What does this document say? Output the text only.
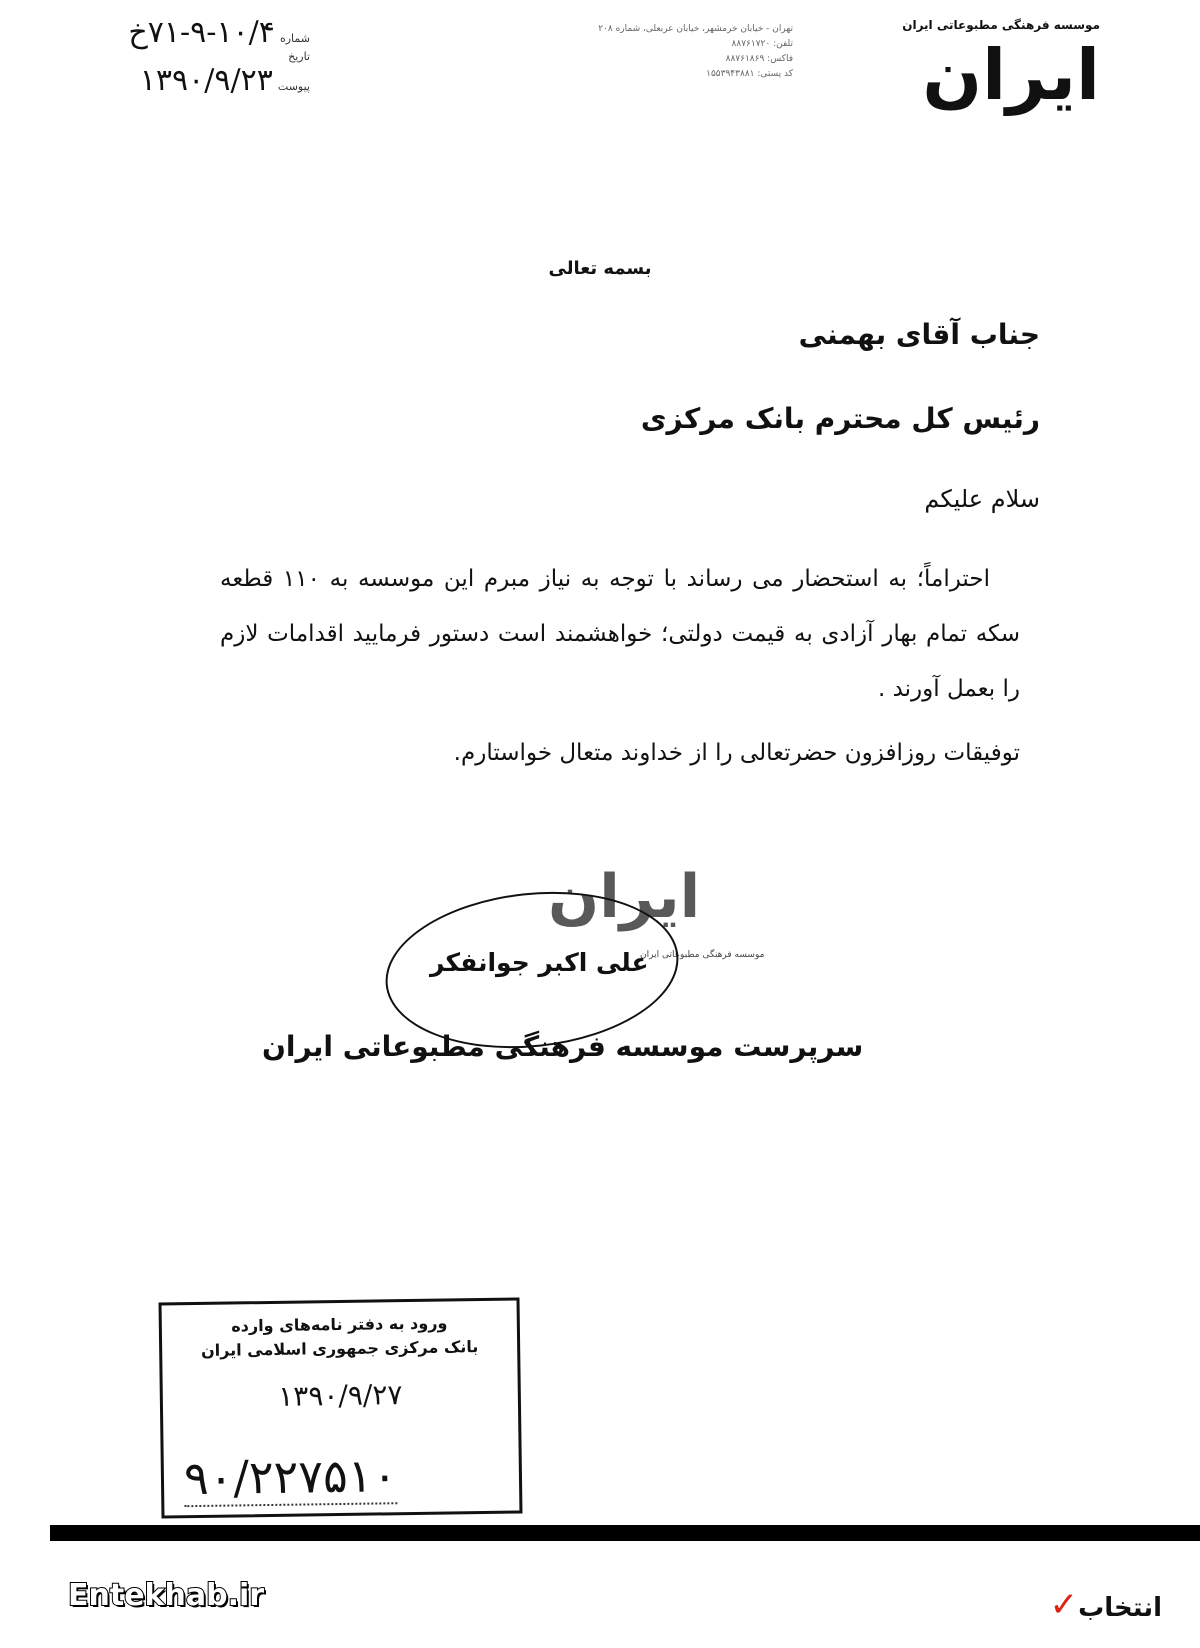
موسسه فرهنگی مطبوعاتی ایران
ایران
تهران - خیابان خرمشهر، خیابان عربعلی، شماره ۲۰۸
تلفن: ۸۸۷۶۱۷۲۰
فاکس: ۸۸۷۶۱۸۶۹
کد پستی: ۱۵۵۳۹۴۳۸۸۱
شماره ۱۰/۴-۹-۷۱خ
تاریخ
پیوست ۱۳۹۰/۹/۲۳
بسمه تعالی
جناب آقای بهمنی
رئیس کل محترم بانک مرکزی
سلام علیکم
احتراماً؛ به استحضار می رساند با توجه به نیاز مبرم این موسسه به ۱۱۰ قطعه سکه تمام بهار آزادی به قیمت دولتی؛ خواهشمند است دستور فرمایید اقدامات لازم را بعمل آورند .
توفیقات روزافزون حضرتعالی را از خداوند متعال خواستارم.
ایران
موسسه فرهنگی مطبوعاتی ایران
علی اکبر جوانفکر
سرپرست موسسه فرهنگی مطبوعاتی ایران
ورود به دفتر نامه‌های وارده
بانک مرکزی جمهوری اسلامی ایران
۱۳۹۰/۹/۲۷
۹۰/۲۲۷۵۱۰
Entekhab.ir	انتخاب✓
